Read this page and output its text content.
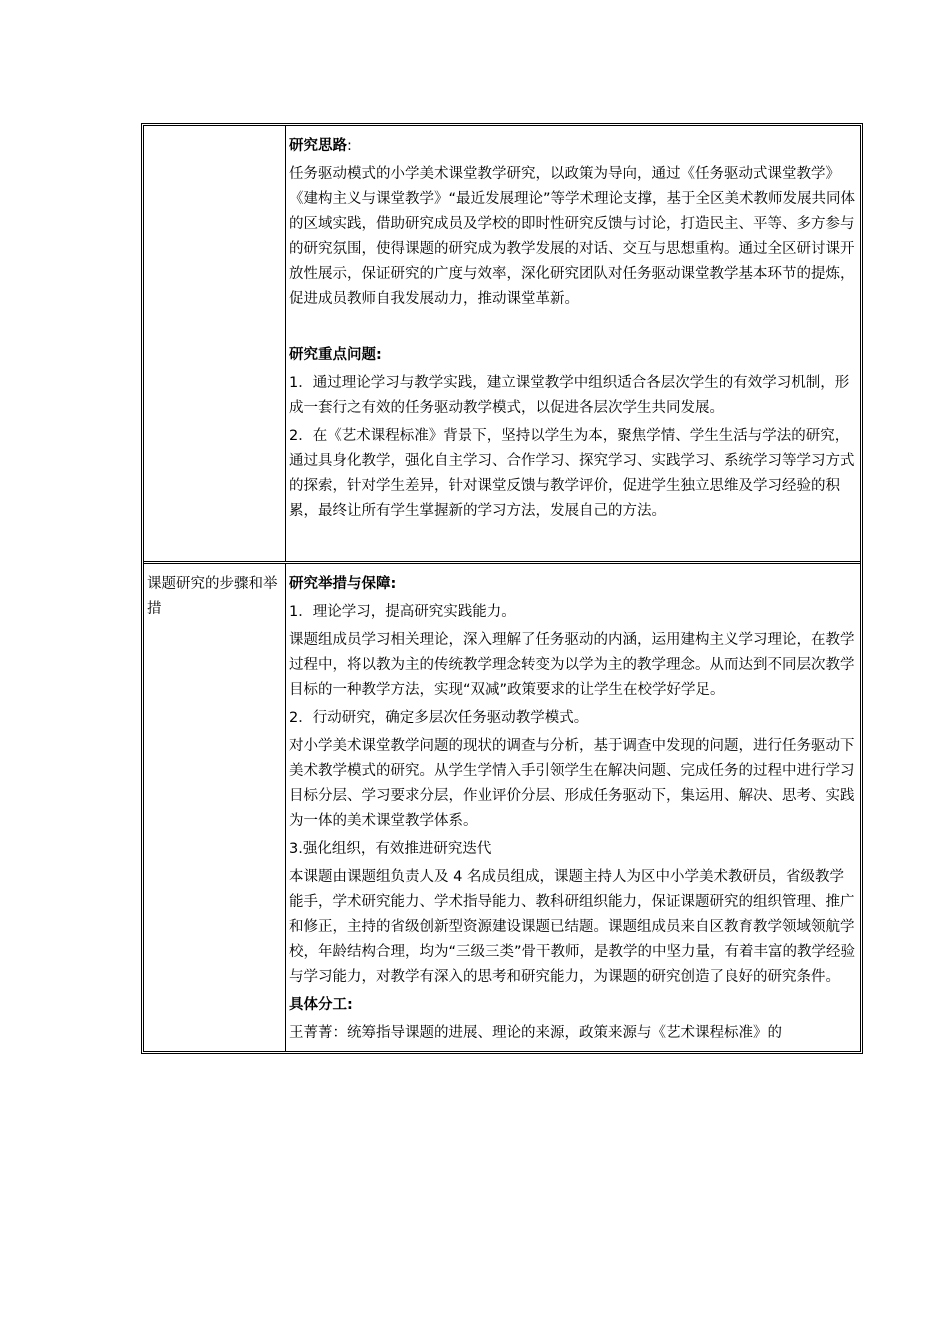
研究思路:

任务驱动模式的小学美术课堂教学研究，以政策为导向，通过《任务驱动式课堂教学》《建构主义与课堂教学》“最近发展理论”等学术理论支撑，基于全区美术教师发展共同体的区域实践，借助研究成员及学校的即时性研究反馈与讨论，打造民主、平等、多方参与的研究氛围，使得课题的研究成为教学发展的对话、交互与思想重构。通过全区研讨课开放性展示，保证研究的广度与效率，深化研究团队对任务驱动课堂教学基本环节的提炼，促进成员教师自我发展动力，推动课堂革新。

研究重点问题:

1．通过理论学习与教学实践，建立课堂教学中组织适合各层次学生的有效学习机制，形成一套行之有效的任务驱动教学模式，以促进各层次学生共同发展。

2．在《艺术课程标准》背景下，坚持以学生为本，聚焦学情、学生生活与学法的研究，通过具身化教学，强化自主学习、合作学习、探究学习、实践学习、系统学习等学习方式的探索，针对学生差异，针对课堂反馈与教学评价，促进学生独立思维及学习经验的积累，最终让所有学生掌握新的学习方法，发展自己的方法。

课题研究的步骤和举措

研究举措与保障:

1．理论学习，提高研究实践能力。

课题组成员学习相关理论，深入理解了任务驱动的内涵，运用建构主义学习理论，在教学过程中，将以教为主的传统教学理念转变为以学为主的教学理念。从而达到不同层次教学目标的一种教学方法，实现“双减”政策要求的让学生在校学好学足。

2．行动研究，确定多层次任务驱动教学模式。

对小学美术课堂教学问题的现状的调查与分析，基于调查中发现的问题，进行任务驱动下美术教学模式的研究。从学生学情入手引领学生在解决问题、完成任务的过程中进行学习目标分层、学习要求分层，作业评价分层、形成任务驱动下，集运用、解决、思考、实践为一体的美术课堂教学体系。

3.强化组织，有效推进研究迭代

本课题由课题组负责人及 4 名成员组成，课题主持人为区中小学美术教研员，省级教学能手，学术研究能力、学术指导能力、教科研组织能力，保证课题研究的组织管理、推广和修正，主持的省级创新型资源建设课题已结题。课题组成员来自区教育教学领域领航学校，年龄结构合理，均为“三级三类”骨干教师，是教学的中坚力量，有着丰富的教学经验与学习能力，对教学有深入的思考和研究能力，为课题的研究创造了良好的研究条件。

具体分工:

王菁菁：统筹指导课题的进展、理论的来源，政策来源与《艺术课程标准》的
